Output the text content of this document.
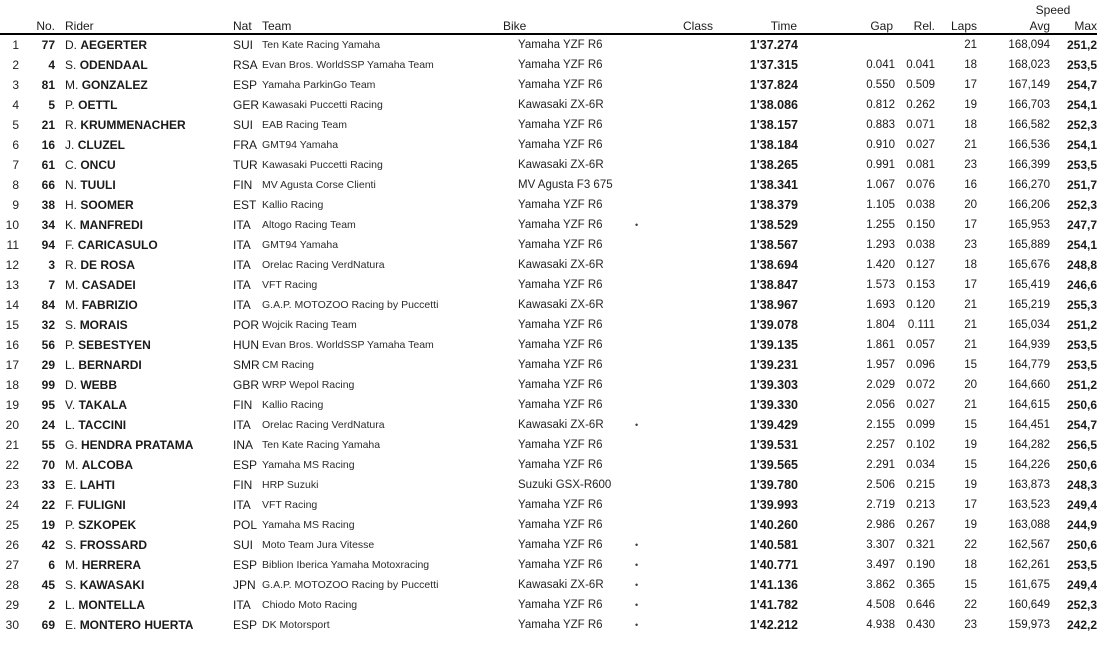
											Speed	
	No.	Rider	Nat	Team	Bike	Class	Time	Gap	Rel.	Laps	Avg	Max
1	77	D. AEGERTER	SUI	Ten Kate Racing Yamaha	Yamaha YZF R6		1'37.274			21	168,094	251,2
2	4	S. ODENDAAL	RSA	Evan Bros. WorldSSP Yamaha Team	Yamaha YZF R6		1'37.315	0.041	0.041	18	168,023	253,5
3	81	M. GONZALEZ	ESP	Yamaha ParkinGo Team	Yamaha YZF R6		1'37.824	0.550	0.509	17	167,149	254,7
4	5	P. OETTL	GER	Kawasaki Puccetti Racing	Kawasaki ZX-6R		1'38.086	0.812	0.262	19	166,703	254,1
5	21	R. KRUMMENACHER	SUI	EAB Racing Team	Yamaha YZF R6		1'38.157	0.883	0.071	18	166,582	252,3
6	16	J. CLUZEL	FRA	GMT94 Yamaha	Yamaha YZF R6		1'38.184	0.910	0.027	21	166,536	254,1
7	61	C. ONCU	TUR	Kawasaki Puccetti Racing	Kawasaki ZX-6R		1'38.265	0.991	0.081	23	166,399	253,5
8	66	N. TUULI	FIN	MV Agusta Corse Clienti	MV Agusta F3 675		1'38.341	1.067	0.076	16	166,270	251,7
9	38	H. SOOMER	EST	Kallio Racing	Yamaha YZF R6		1'38.379	1.105	0.038	20	166,206	252,3
10	34	K. MANFREDI	ITA	Altogo Racing Team	Yamaha YZF R6	•	1'38.529	1.255	0.150	17	165,953	247,7
11	94	F. CARICASULO	ITA	GMT94 Yamaha	Yamaha YZF R6		1'38.567	1.293	0.038	23	165,889	254,1
12	3	R. DE ROSA	ITA	Orelac Racing VerdNatura	Kawasaki ZX-6R		1'38.694	1.420	0.127	18	165,676	248,8
13	7	M. CASADEI	ITA	VFT Racing	Yamaha YZF R6		1'38.847	1.573	0.153	17	165,419	246,6
14	84	M. FABRIZIO	ITA	G.A.P. MOTOZOO Racing by Puccetti	Kawasaki ZX-6R		1'38.967	1.693	0.120	21	165,219	255,3
15	32	S. MORAIS	POR	Wojcik Racing Team	Yamaha YZF R6		1'39.078	1.804	0.111	21	165,034	251,2
16	56	P. SEBESTYEN	HUN	Evan Bros. WorldSSP Yamaha Team	Yamaha YZF R6		1'39.135	1.861	0.057	21	164,939	253,5
17	29	L. BERNARDI	SMR	CM Racing	Yamaha YZF R6		1'39.231	1.957	0.096	15	164,779	253,5
18	99	D. WEBB	GBR	WRP Wepol Racing	Yamaha YZF R6		1'39.303	2.029	0.072	20	164,660	251,2
19	95	V. TAKALA	FIN	Kallio Racing	Yamaha YZF R6		1'39.330	2.056	0.027	21	164,615	250,6
20	24	L. TACCINI	ITA	Orelac Racing VerdNatura	Kawasaki ZX-6R	•	1'39.429	2.155	0.099	15	164,451	254,7
21	55	G. HENDRA PRATAMA	INA	Ten Kate Racing Yamaha	Yamaha YZF R6		1'39.531	2.257	0.102	19	164,282	256,5
22	70	M. ALCOBA	ESP	Yamaha MS Racing	Yamaha YZF R6		1'39.565	2.291	0.034	15	164,226	250,6
23	33	E. LAHTI	FIN	HRP Suzuki	Suzuki GSX-R600		1'39.780	2.506	0.215	19	163,873	248,3
24	22	F. FULIGNI	ITA	VFT Racing	Yamaha YZF R6		1'39.993	2.719	0.213	17	163,523	249,4
25	19	P. SZKOPEK	POL	Yamaha MS Racing	Yamaha YZF R6		1'40.260	2.986	0.267	19	163,088	244,9
26	42	S. FROSSARD	SUI	Moto Team Jura Vitesse	Yamaha YZF R6	•	1'40.581	3.307	0.321	22	162,567	250,6
27	6	M. HERRERA	ESP	Biblion Iberica Yamaha Motoxracing	Yamaha YZF R6	•	1'40.771	3.497	0.190	18	162,261	253,5
28	45	S. KAWASAKI	JPN	G.A.P. MOTOZOO Racing by Puccetti	Kawasaki ZX-6R	•	1'41.136	3.862	0.365	15	161,675	249,4
29	2	L. MONTELLA	ITA	Chiodo Moto Racing	Yamaha YZF R6	•	1'41.782	4.508	0.646	22	160,649	252,3
30	69	E. MONTERO HUERTA	ESP	DK Motorsport	Yamaha YZF R6	•	1'42.212	4.938	0.430	23	159,973	242,2
